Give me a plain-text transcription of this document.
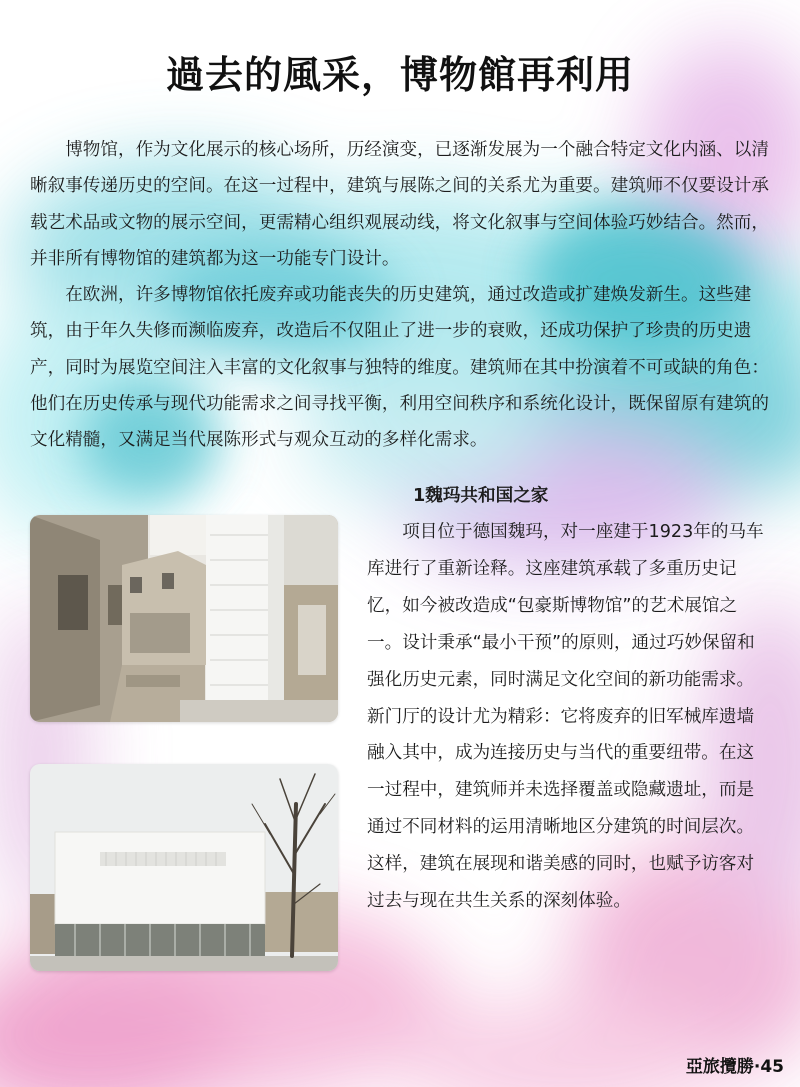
過去的風采，博物館再利用

博物馆，作为文化展示的核心场所，历经演变，已逐渐发展为一个融合特定文化内涵、以清晰叙事传递历史的空间。在这一过程中，建筑与展陈之间的关系尤为重要。建筑师不仅要设计承载艺术品或文物的展示空间，更需精心组织观展动线，将文化叙事与空间体验巧妙结合。然而，并非所有博物馆的建筑都为这一功能专门设计。

在欧洲，许多博物馆依托废弃或功能丧失的历史建筑，通过改造或扩建焕发新生。这些建筑，由于年久失修而濒临废弃，改造后不仅阻止了进一步的衰败，还成功保护了珍贵的历史遗产，同时为展览空间注入丰富的文化叙事与独特的维度。建筑师在其中扮演着不可或缺的角色：他们在历史传承与现代功能需求之间寻找平衡，利用空间秩序和系统化设计，既保留原有建筑的文化精髓，又满足当代展陈形式与观众互动的多样化需求。

1魏玛共和国之家

项目位于德国魏玛，对一座建于1923年的马车库进行了重新诠释。这座建筑承载了多重历史记忆，如今被改造成“包豪斯博物馆”的艺术展馆之一。设计秉承“最小干预”的原则，通过巧妙保留和强化历史元素，同时满足文化空间的新功能需求。新门厅的设计尤为精彩：它将废弃的旧军械库遗墙融入其中，成为连接历史与当代的重要纽带。在这一过程中，建筑师并未选择覆盖或隐藏遗址，而是通过不同材料的运用清晰地区分建筑的时间层次。这样，建筑在展现和谐美感的同时，也赋予访客对过去与现在共生关系的深刻体验。

亞旅攬勝·45
